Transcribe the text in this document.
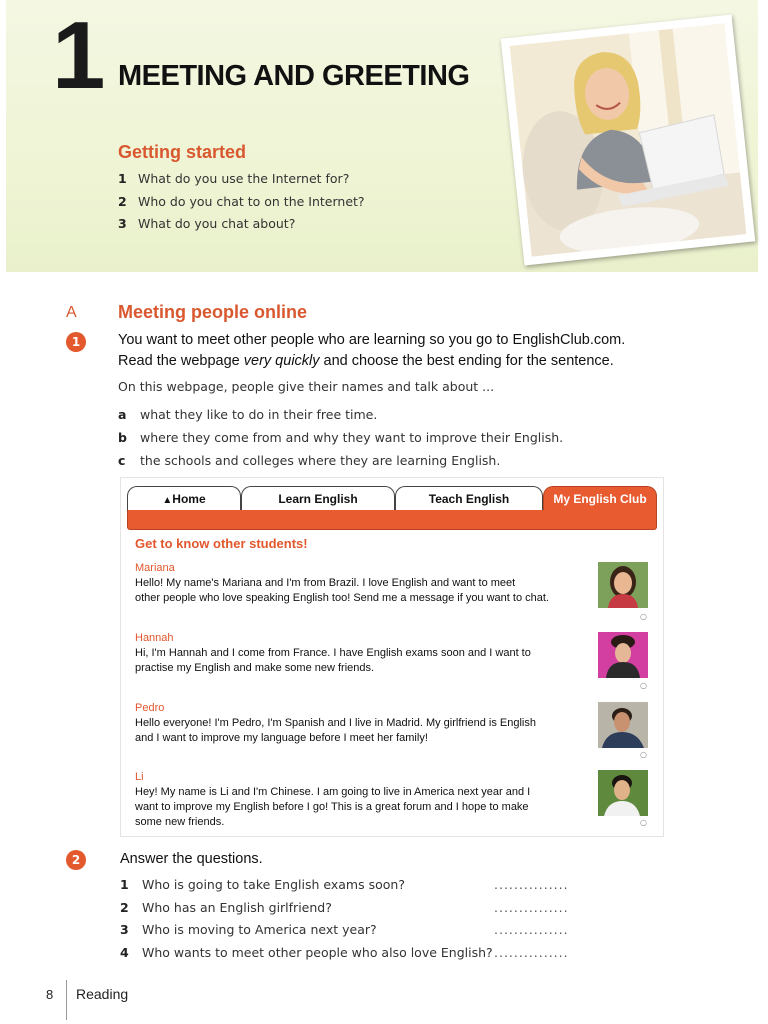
1 MEETING AND GREETING
Getting started
1 What do you use the Internet for?
2 Who do you chat to on the Internet?
3 What do you chat about?
A Meeting people online
1	You want to meet other people who are learning so you go to EnglishClub.com.
Read the webpage very quickly and choose the best ending for the sentence.
On this webpage, people give their names and talk about ...
a what they like to do in their free time.
b where they come from and why they want to improve their English.
c the schools and colleges where they are learning English.
▲Home	Learn English	Teach English	My English Club
Get to know other students!
Mariana
Hello! My name's Mariana and I'm from Brazil. I love English and want to meet
other people who love speaking English too! Send me a message if you want to chat.
○
Hannah
Hi, I'm Hannah and I come from France. I have English exams soon and I want to
practise my English and make some new friends.
○
Pedro
Hello everyone! I'm Pedro, I'm Spanish and I live in Madrid. My girlfriend is English
and I want to improve my language before I meet her family!
○
Li
Hey! My name is Li and I'm Chinese. I am going to live in America next year and I
want to improve my English before I go! This is a great forum and I hope to make
some new friends.	○
2	Answer the questions.
1 Who is going to take English exams soon?	...............
2 Who has an English girlfriend?	...............
3 Who is moving to America next year?	...............
4 Who wants to meet other people who also love English? ...............
8 Reading
